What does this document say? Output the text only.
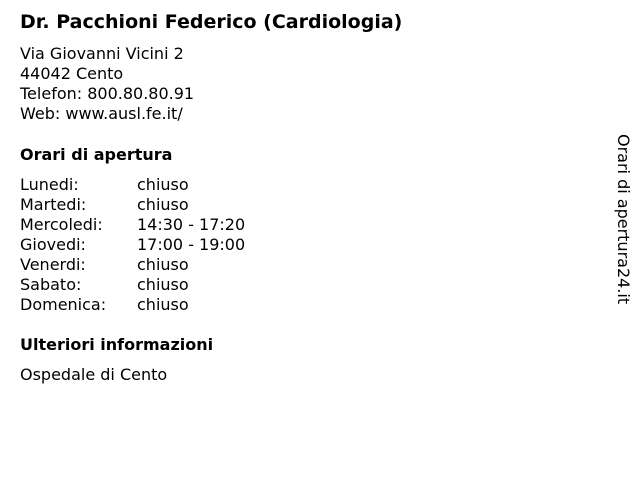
Dr. Pacchioni Federico (Cardiologia)
Via Giovanni Vicini 2
44042 Cento
Telefon: 800.80.80.91
Web: www.ausl.fe.it/
Orari di apertura
Lunedi:	chiuso
Martedi:	chiuso
Mercoledi:	14:30 - 17:20
Giovedi:	17:00 - 19:00
Venerdi:	chiuso
Sabato:	chiuso
Domenica:	chiuso
Ulteriori informazioni
Ospedale di Cento
Orari di apertura24.it
